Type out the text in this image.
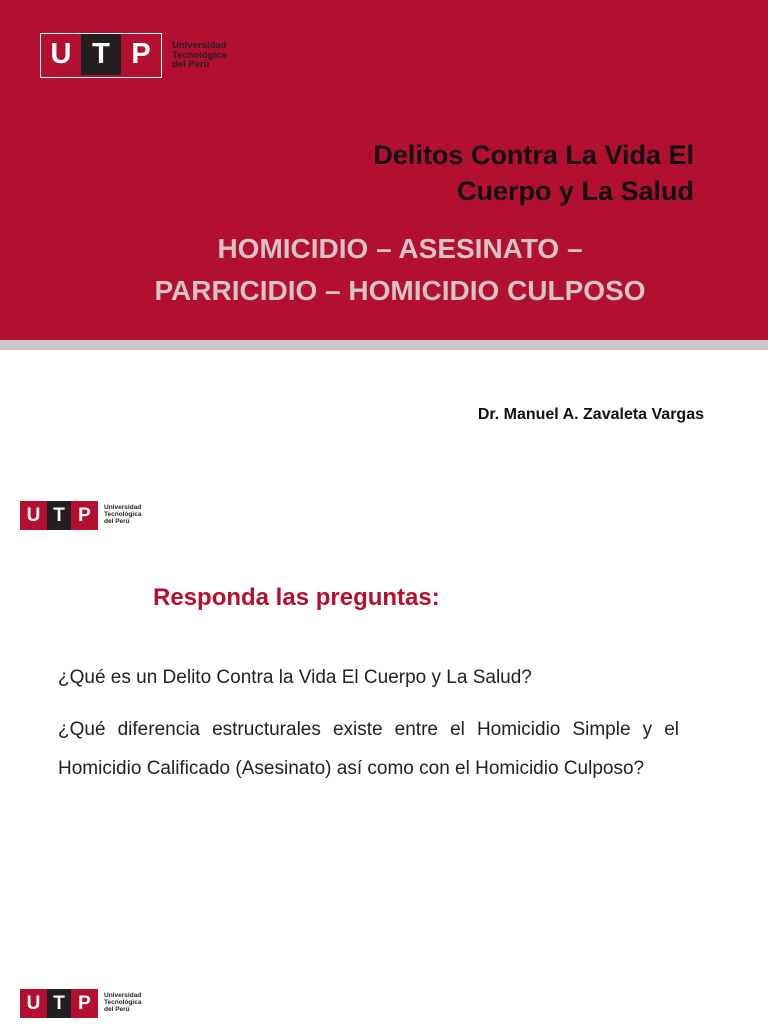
U T P	Universidad
Tecnológica
del Perú
Delitos Contra La Vida El
Cuerpo y La Salud
HOMICIDIO – ASESINATO –
PARRICIDIO – HOMICIDIO CULPOSO
Dr. Manuel A. Zavaleta Vargas
U T P	Universidad
Tecnológica
del Perú
Responda las preguntas:
¿Qué es un Delito Contra la Vida El Cuerpo y La Salud?
¿Qué diferencia estructurales existe entre el Homicidio Simple y el Homicidio Calificado (Asesinato) así como con el Homicidio Culposo?
U T P	Universidad
Tecnológica
del Perú
